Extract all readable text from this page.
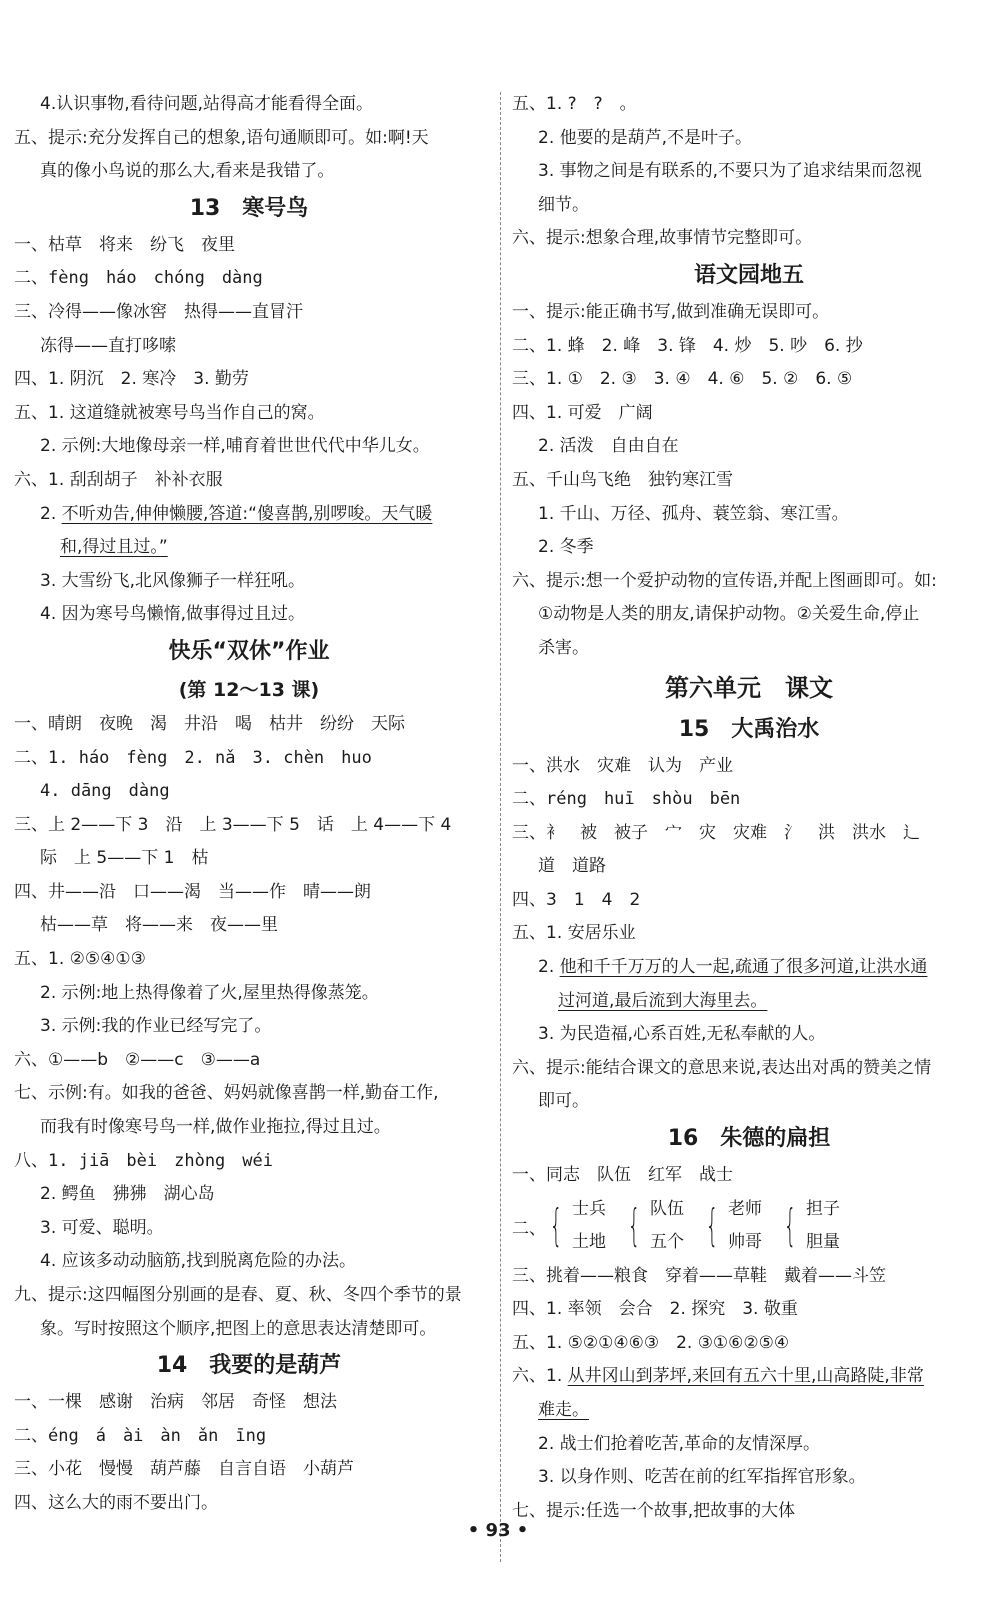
4.认识事物,看待问题,站得高才能看得全面。
五、提示:充分发挥自己的想象,语句通顺即可。如:啊!天
真的像小鸟说的那么大,看来是我错了。
13　寒号鸟
一、枯草　将来　纷飞　夜里
二、fèng　háo　chóng　dàng
三、冷得——像冰窖　热得——直冒汗
冻得——直打哆嗦
四、1. 阴沉　2. 寒冷　3. 勤劳
五、1. 这道缝就被寒号鸟当作自己的窝。
2. 示例:大地像母亲一样,哺育着世世代代中华儿女。
六、1. 刮刮胡子　补补衣服
2. 不听劝告,伸伸懒腰,答道:“傻喜鹊,别啰唆。天气暖
和,得过且过。”
3. 大雪纷飞,北风像狮子一样狂吼。
4. 因为寒号鸟懒惰,做事得过且过。
快乐“双休”作业
(第 12～13 课)
一、晴朗　夜晚　渴　井沿　喝　枯井　纷纷　天际
二、1. háo　fèng　2. nǎ　3. chèn　huo
4. dāng　dàng
三、上 2——下 3　沿　上 3——下 5　话　上 4——下 4
际　上 5——下 1　枯
四、井——沿　口——渴　当——作　晴——朗
枯——草　将——来　夜——里
五、1. ②⑤④①③
2. 示例:地上热得像着了火,屋里热得像蒸笼。
3. 示例:我的作业已经写完了。
六、①——b　②——c　③——a
七、示例:有。如我的爸爸、妈妈就像喜鹊一样,勤奋工作,
而我有时像寒号鸟一样,做作业拖拉,得过且过。
八、1. jiā　bèi　zhòng　wéi
2. 鳄鱼　狒狒　湖心岛
3. 可爱、聪明。
4. 应该多动动脑筋,找到脱离危险的办法。
九、提示:这四幅图分别画的是春、夏、秋、冬四个季节的景
象。写时按照这个顺序,把图上的意思表达清楚即可。
14　我要的是葫芦
一、一棵　感谢　治病　邻居　奇怪　想法
二、éng　á　ài　àn　ǎn　īng
三、小花　慢慢　葫芦藤　自言自语　小葫芦
四、这么大的雨不要出门。
五、1. ?　?　。
2. 他要的是葫芦,不是叶子。
3. 事物之间是有联系的,不要只为了追求结果而忽视
细节。
六、提示:想象合理,故事情节完整即可。
语文园地五
一、提示:能正确书写,做到准确无误即可。
二、1. 蜂　2. 峰　3. 锋　4. 炒　5. 吵　6. 抄
三、1. ①　2. ③　3. ④　4. ⑥　5. ②　6. ⑤
四、1. 可爱　广阔
2. 活泼　自由自在
五、千山鸟飞绝　独钓寒江雪
1. 千山、万径、孤舟、蓑笠翁、寒江雪。
2. 冬季
六、提示:想一个爱护动物的宣传语,并配上图画即可。如:
①动物是人类的朋友,请保护动物。②关爱生命,停止
杀害。
第六单元　课文
15　大禹治水
一、洪水　灾难　认为　产业
二、réng　huī　shòu　bēn
三、衤　被　被子　宀　灾　灾难　氵　洪　洪水　辶
道　道路
四、3　1　4　2
五、1. 安居乐业
2. 他和千千万万的人一起,疏通了很多河道,让洪水通
过河道,最后流到大海里去。
3. 为民造福,心系百姓,无私奉献的人。
六、提示:能结合课文的意思来说,表达出对禹的赞美之情
即可。
16　朱德的扁担
一、同志　队伍　红军　战士
二、 { 士兵
土地 { 队伍
五个 { 老师
帅哥 { 担子
胆量
三、挑着——粮食　穿着——草鞋　戴着——斗笠
四、1. 率领　会合　2. 探究　3. 敬重
五、1. ⑤②①④⑥③　2. ③①⑥②⑤④
六、1. 从井冈山到茅坪,来回有五六十里,山高路陡,非常
难走。
2. 战士们抢着吃苦,革命的友情深厚。
3. 以身作则、吃苦在前的红军指挥官形象。
七、提示:任选一个故事,把故事的大体
• 93 •
